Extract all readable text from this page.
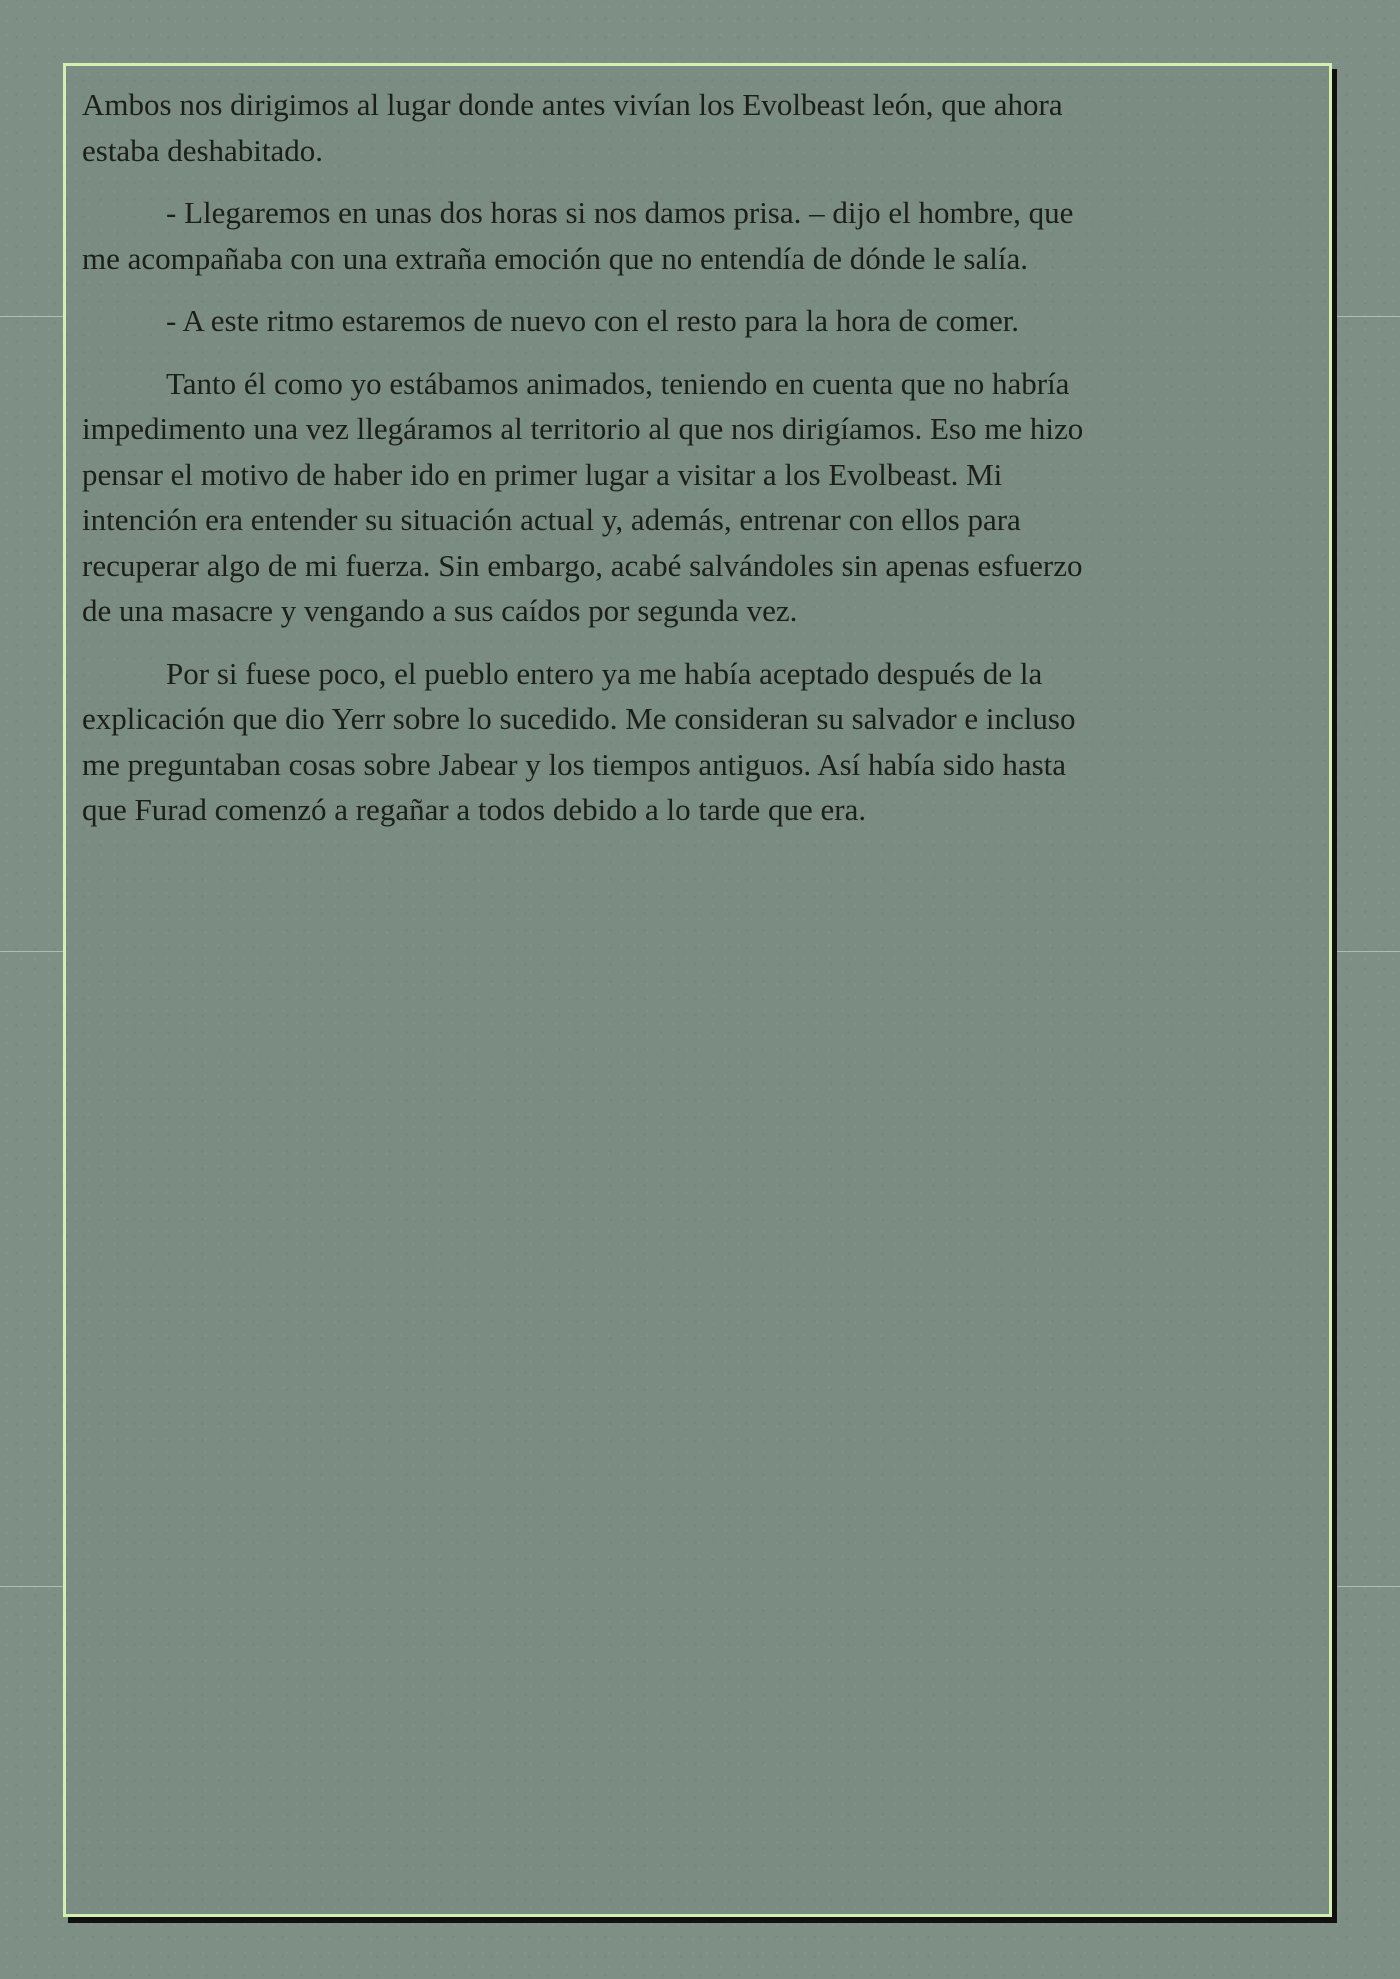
Ambos nos dirigimos al lugar donde antes vivían los Evolbeast león, que ahora
estaba deshabitado.

- Llegaremos en unas dos horas si nos damos prisa. – dijo el hombre, que
me acompañaba con una extraña emoción que no entendía de dónde le salía.

- A este ritmo estaremos de nuevo con el resto para la hora de comer.

Tanto él como yo estábamos animados, teniendo en cuenta que no habría
impedimento una vez llegáramos al territorio al que nos dirigíamos. Eso me hizo
pensar el motivo de haber ido en primer lugar a visitar a los Evolbeast. Mi
intención era entender su situación actual y, además, entrenar con ellos para
recuperar algo de mi fuerza. Sin embargo, acabé salvándoles sin apenas esfuerzo
de una masacre y vengando a sus caídos por segunda vez.

Por si fuese poco, el pueblo entero ya me había aceptado después de la
explicación que dio Yerr sobre lo sucedido. Me consideran su salvador e incluso
me preguntaban cosas sobre Jabear y los tiempos antiguos. Así había sido hasta
que Furad comenzó a regañar a todos debido a lo tarde que era.
